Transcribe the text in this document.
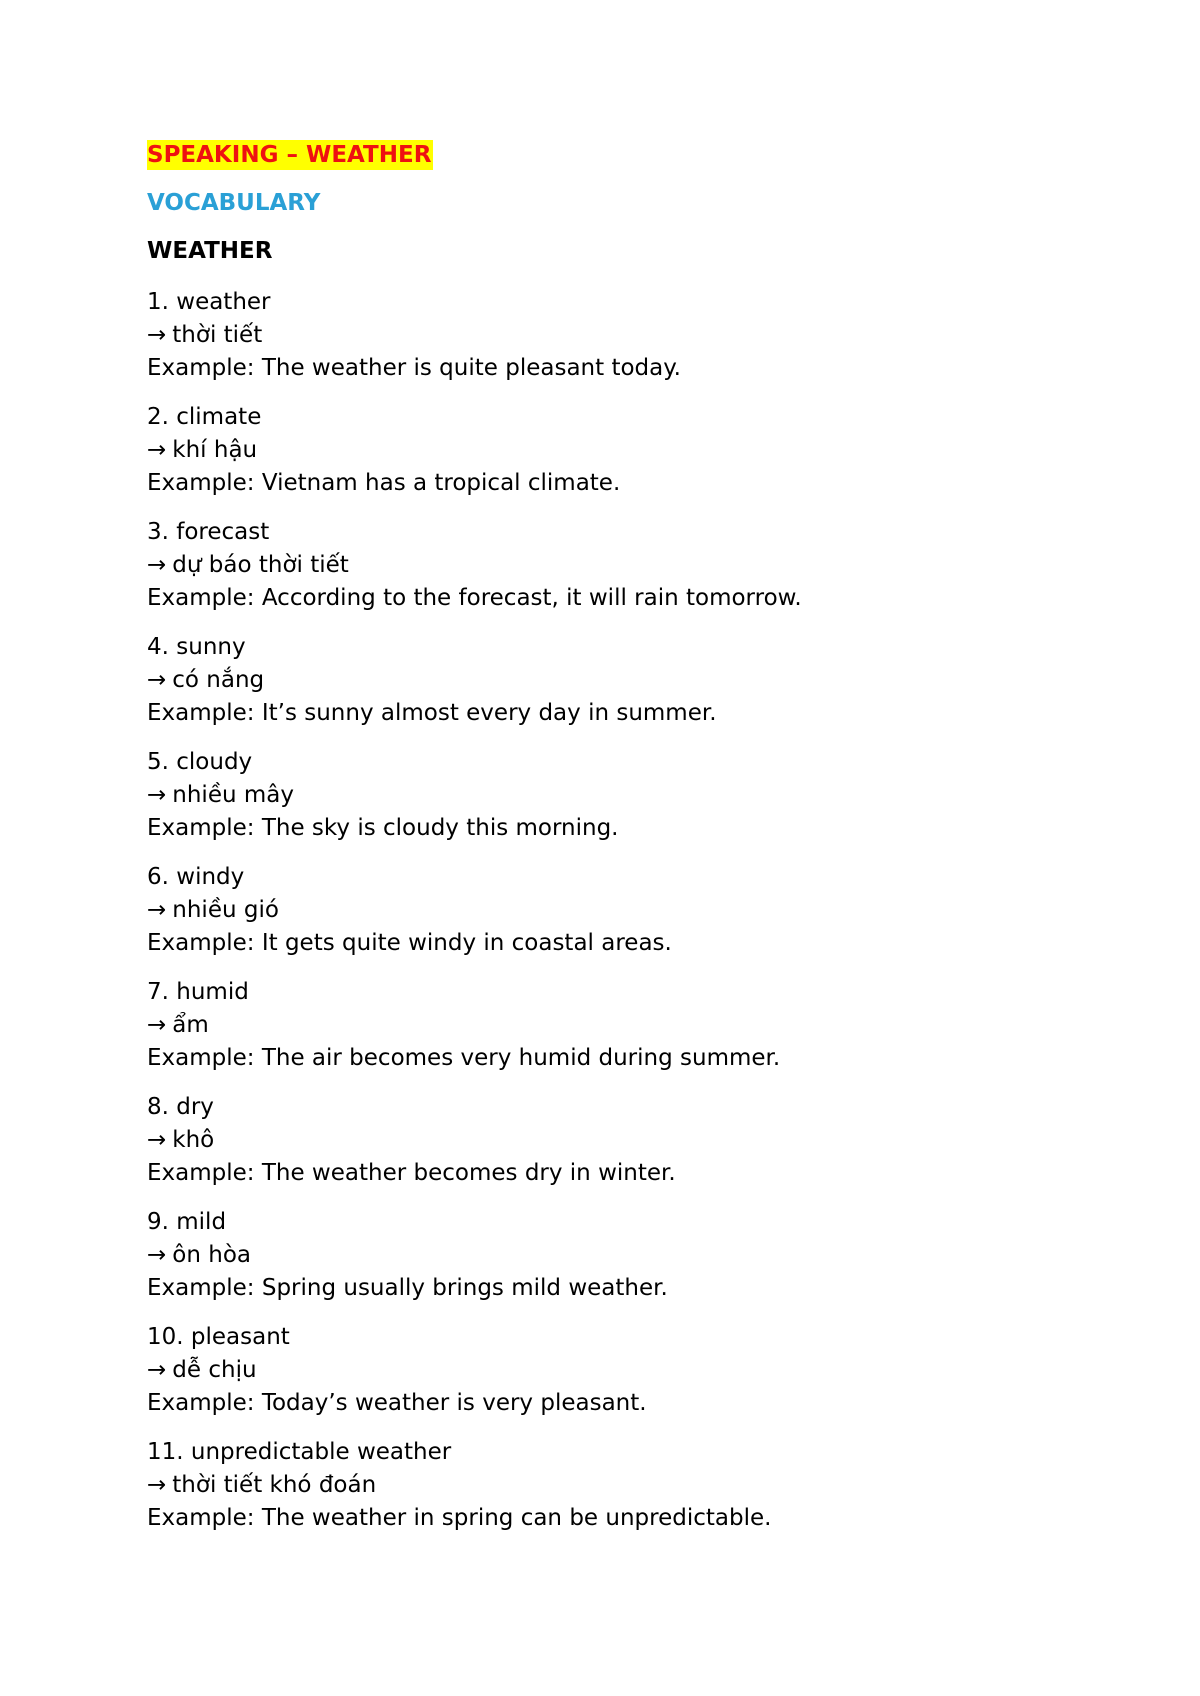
SPEAKING – WEATHER
VOCABULARY
WEATHER
1. weather
→ thời tiết
Example: The weather is quite pleasant today.
2. climate
→ khí hậu
Example: Vietnam has a tropical climate.
3. forecast
→ dự báo thời tiết
Example: According to the forecast, it will rain tomorrow.
4. sunny
→ có nắng
Example: It’s sunny almost every day in summer.
5. cloudy
→ nhiều mây
Example: The sky is cloudy this morning.
6. windy
→ nhiều gió
Example: It gets quite windy in coastal areas.
7. humid
→ ẩm
Example: The air becomes very humid during summer.
8. dry
→ khô
Example: The weather becomes dry in winter.
9. mild
→ ôn hòa
Example: Spring usually brings mild weather.
10. pleasant
→ dễ chịu
Example: Today’s weather is very pleasant.
11. unpredictable weather
→ thời tiết khó đoán
Example: The weather in spring can be unpredictable.
